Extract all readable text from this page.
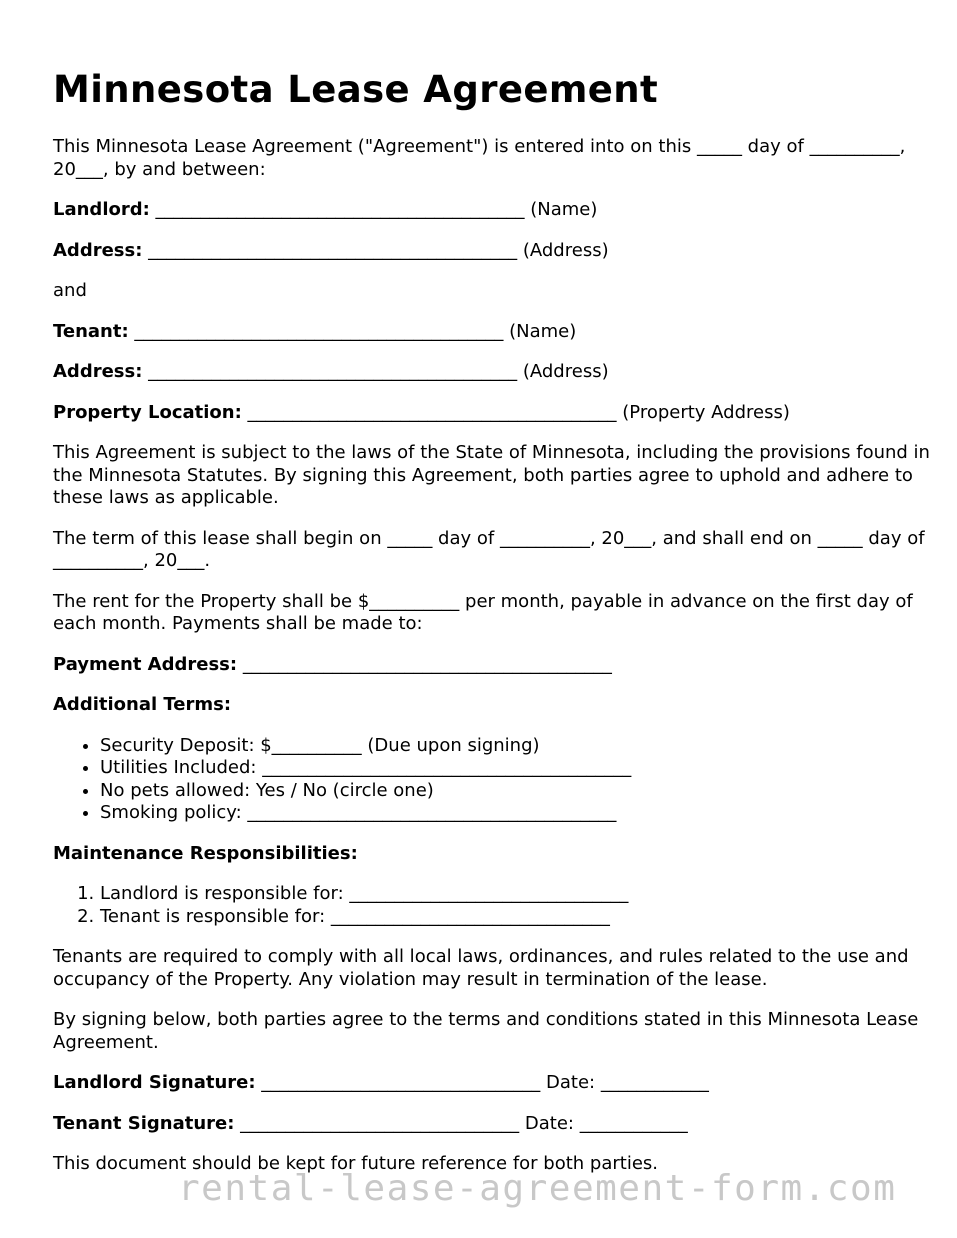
Minnesota Lease Agreement

This Minnesota Lease Agreement ("Agreement") is entered into on this _____ day of __________, 20___, by and between:

Landlord: _________________________________________ (Name)

Address: _________________________________________ (Address)

and

Tenant: _________________________________________ (Name)

Address: _________________________________________ (Address)

Property Location: _________________________________________ (Property Address)

This Agreement is subject to the laws of the State of Minnesota, including the provisions found in the Minnesota Statutes. By signing this Agreement, both parties agree to uphold and adhere to these laws as applicable.

The term of this lease shall begin on _____ day of __________, 20___, and shall end on _____ day of __________, 20___.

The rent for the Property shall be $__________ per month, payable in advance on the first day of each month. Payments shall be made to:

Payment Address: _________________________________________

Additional Terms:

• Security Deposit: $__________ (Due upon signing)
• Utilities Included: _________________________________________
• No pets allowed: Yes / No (circle one)
• Smoking policy: _________________________________________

Maintenance Responsibilities:

1. Landlord is responsible for: _______________________________
2. Tenant is responsible for: _______________________________

Tenants are required to comply with all local laws, ordinances, and rules related to the use and occupancy of the Property. Any violation may result in termination of the lease.

By signing below, both parties agree to the terms and conditions stated in this Minnesota Lease Agreement.

Landlord Signature: _______________________________ Date: ____________

Tenant Signature: _______________________________ Date: ____________

This document should be kept for future reference for both parties.

rental-lease-agreement-form.com
